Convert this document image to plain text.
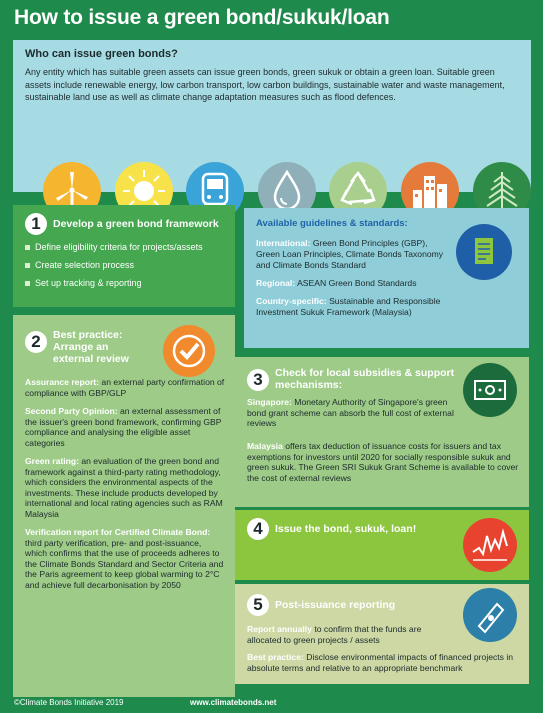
How to issue a green bond/sukuk/loan
Who can issue green bonds?
Any entity which has suitable green assets can issue green bonds, green sukuk or obtain a green loan. Suitable green assets include renewable energy, low carbon transport, low carbon buildings, sustainable water and waste management, sustainable land use as well as climate change adaptation measures such as flood defences.
1	Develop a green bond framework
Define eligibility criteria for projects/assets
Create selection process
Set up tracking & reporting
Available guidelines & standards:
International: Green Bond Principles (GBP), Green Loan Principles, Climate Bonds Taxonomy and Climate Bonds Standard
Regional: ASEAN Green Bond Standards
Country-specific: Sustainable and Responsible Investment Sukuk Framework (Malaysia)
2	Best practice:
Arrange an
external review
Assurance report: an external party confirmation of compliance with GBP/GLP
Second Party Opinion: an external assessment of the issuer's green bond framework, confirming GBP compliance and analysing the eligible asset categories
Green rating: an evaluation of the green bond and framework against a third-party rating methodology, which considers the environmental aspects of the investments. These include products developed by international and local rating agencies such as RAM Malaysia
Verification report for Certified Climate Bond: third party verification, pre- and post-issuance, which confirms that the use of proceeds adheres to the Climate Bonds Standard and Sector Criteria and the Paris agreement to keep global warming to 2°C and achieve full decarbonisation by 2050
3	Check for local subsidies & support mechanisms:
Singapore: Monetary Authority of Singapore's green bond grant scheme can absorb the full cost of external reviews
Malaysia offers tax deduction of issuance costs for issuers and tax exemptions for investors until 2020 for socially responsible sukuk and green sukuk. The Green SRI Sukuk Grant Scheme is available to cover the cost of external reviews
4	Issue the bond, sukuk, loan!
5	Post-issuance reporting
Report annually to confirm that the funds are allocated to green projects / assets
Best practice: Disclose environmental impacts of financed projects in absolute terms and relative to an appropriate benchmark
©Climate Bonds Initiative 2019	www.climatebonds.net
